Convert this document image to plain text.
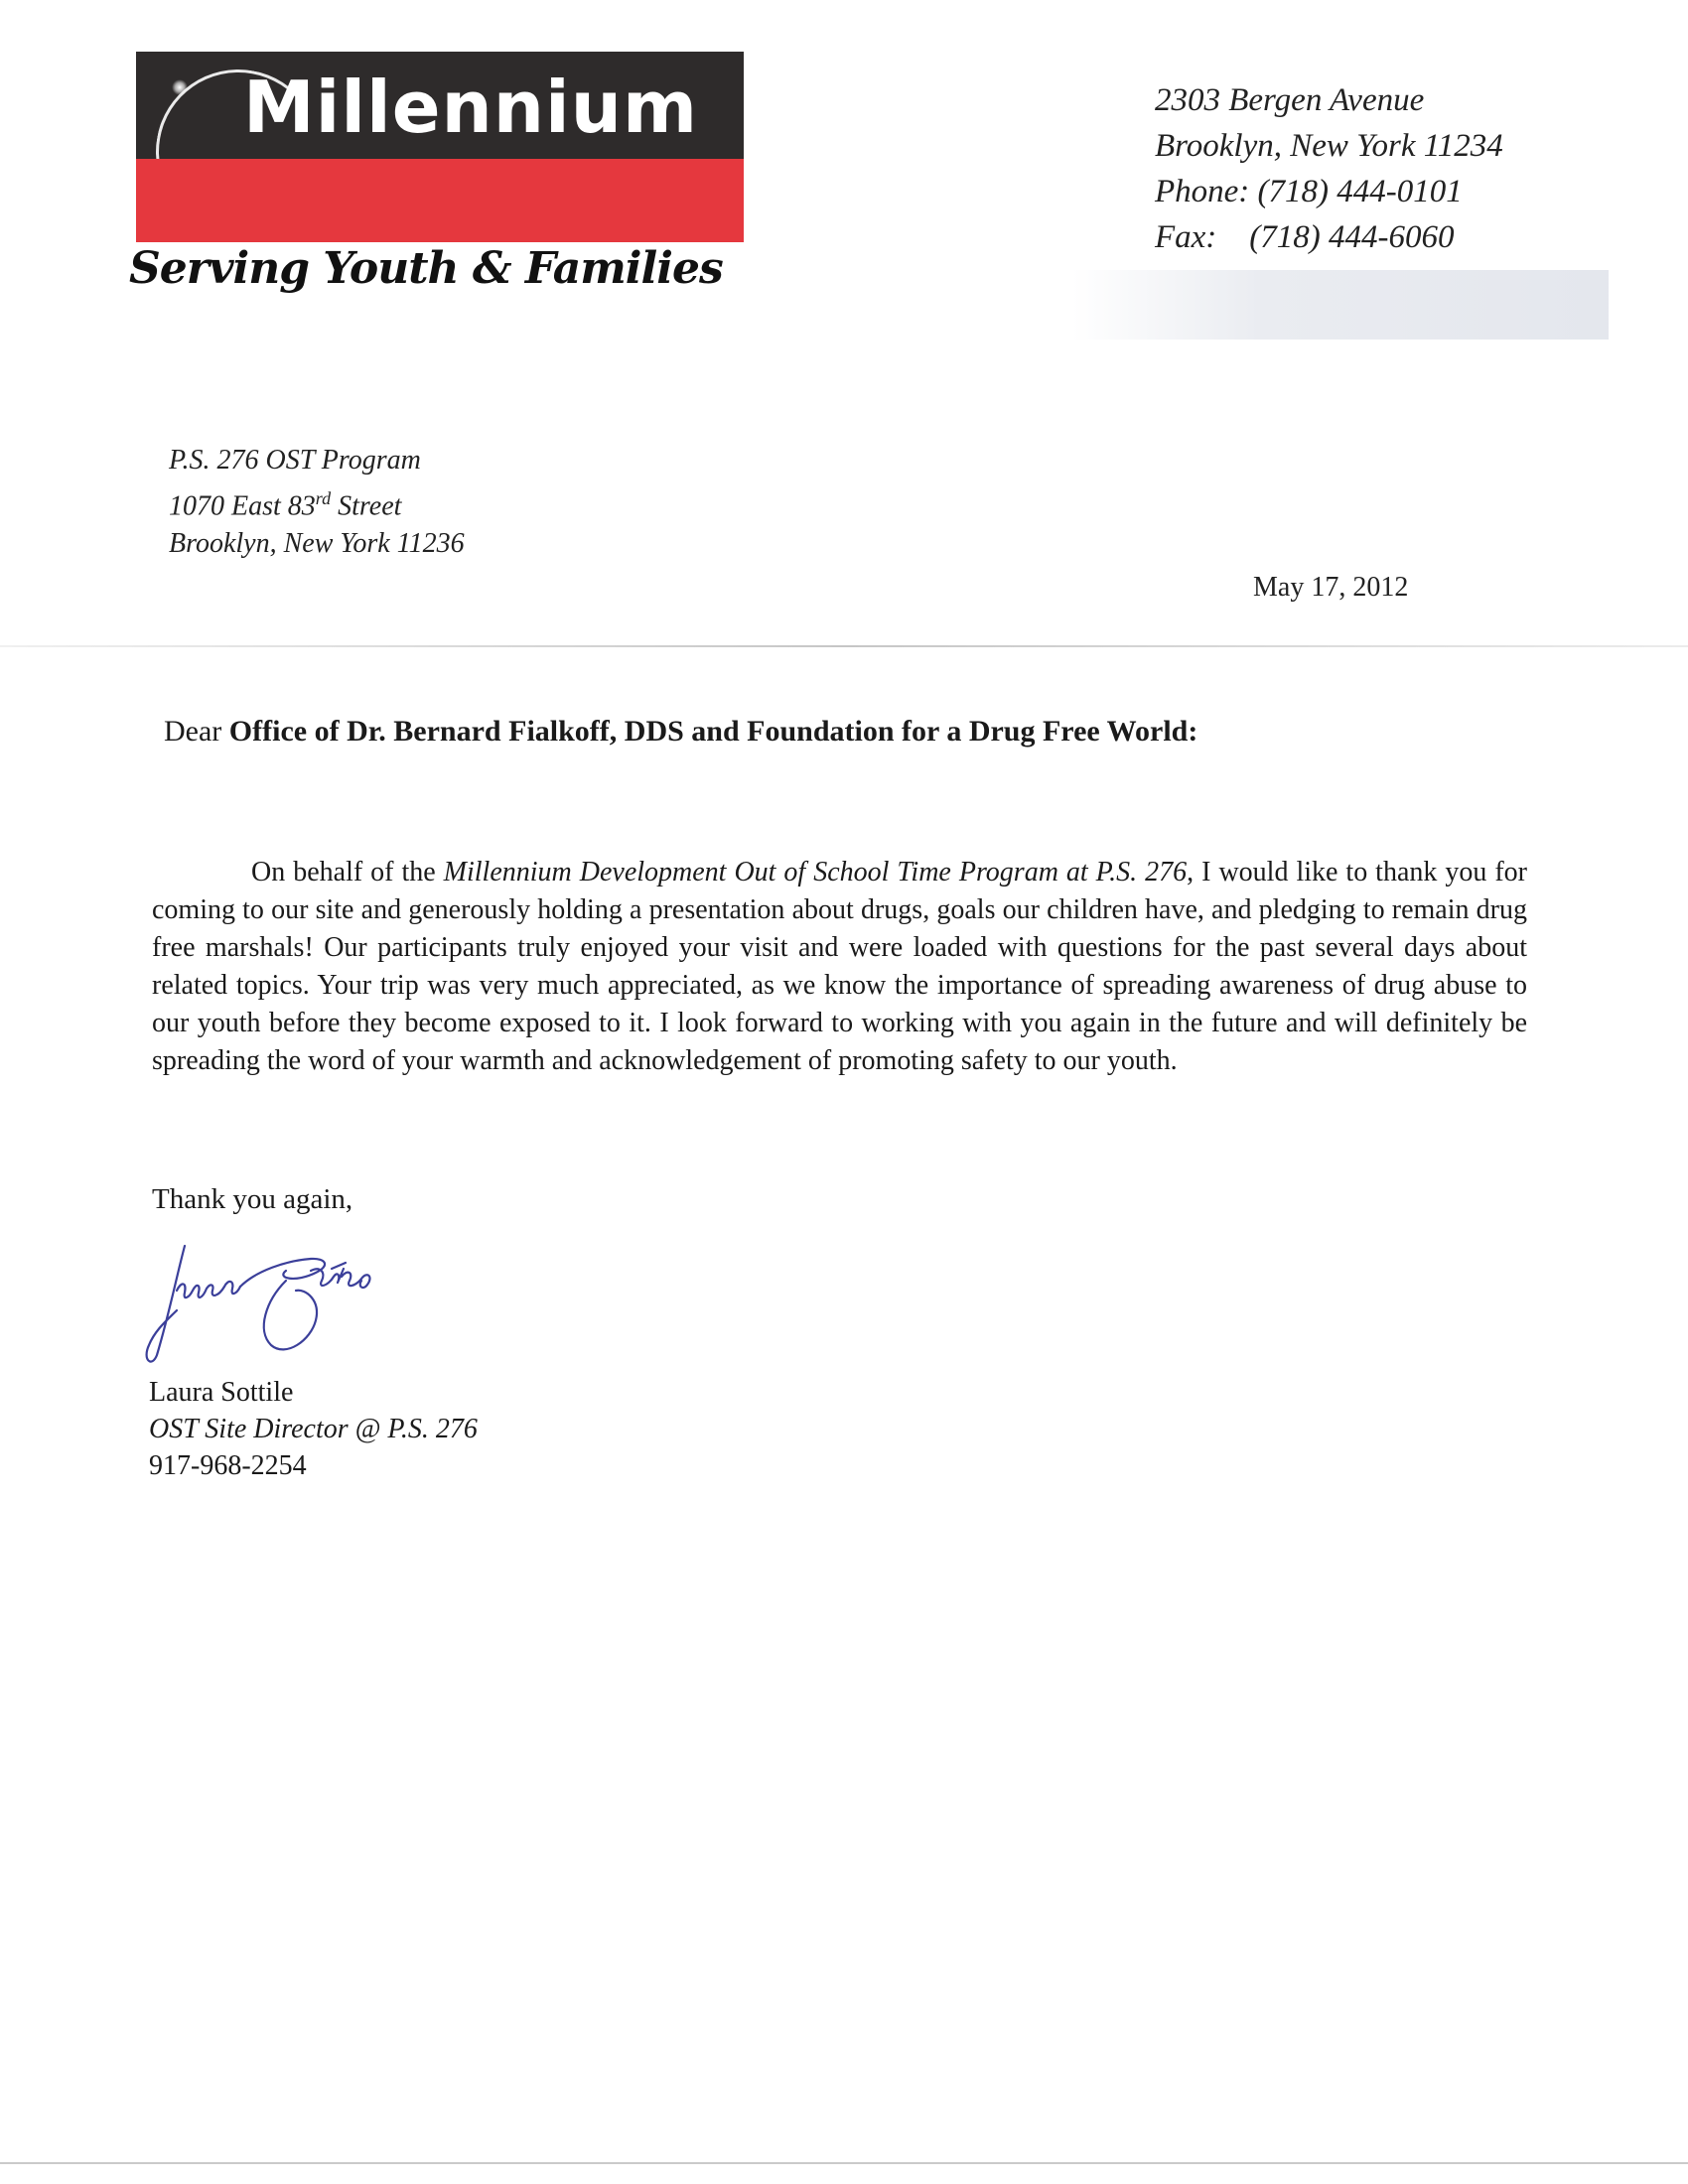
Millennium
Development	est. 1993
Serving Youth & Families
2303 Bergen Avenue
Brooklyn, New York 11234
Phone: (718) 444-0101
Fax: (718) 444-6060
P.S. 276 OST Program
1070 East 83rd Street
Brooklyn, New York 11236
May 17, 2012
Dear Office of Dr. Bernard Fialkoff, DDS and Foundation for a Drug Free World:
On behalf of the Millennium Development Out of School Time Program at P.S. 276, I would like to thank you for coming to our site and generously holding a presentation about drugs, goals our children have, and pledging to remain drug free marshals! Our participants truly enjoyed your visit and were loaded with questions for the past several days about related topics. Your trip was very much appreciated, as we know the importance of spreading awareness of drug abuse to our youth before they become exposed to it. I look forward to working with you again in the future and will definitely be spreading the word of your warmth and acknowledgement of promoting safety to our youth.
Thank you again,
Laura Sottile
OST Site Director @ P.S. 276
917-968-2254
